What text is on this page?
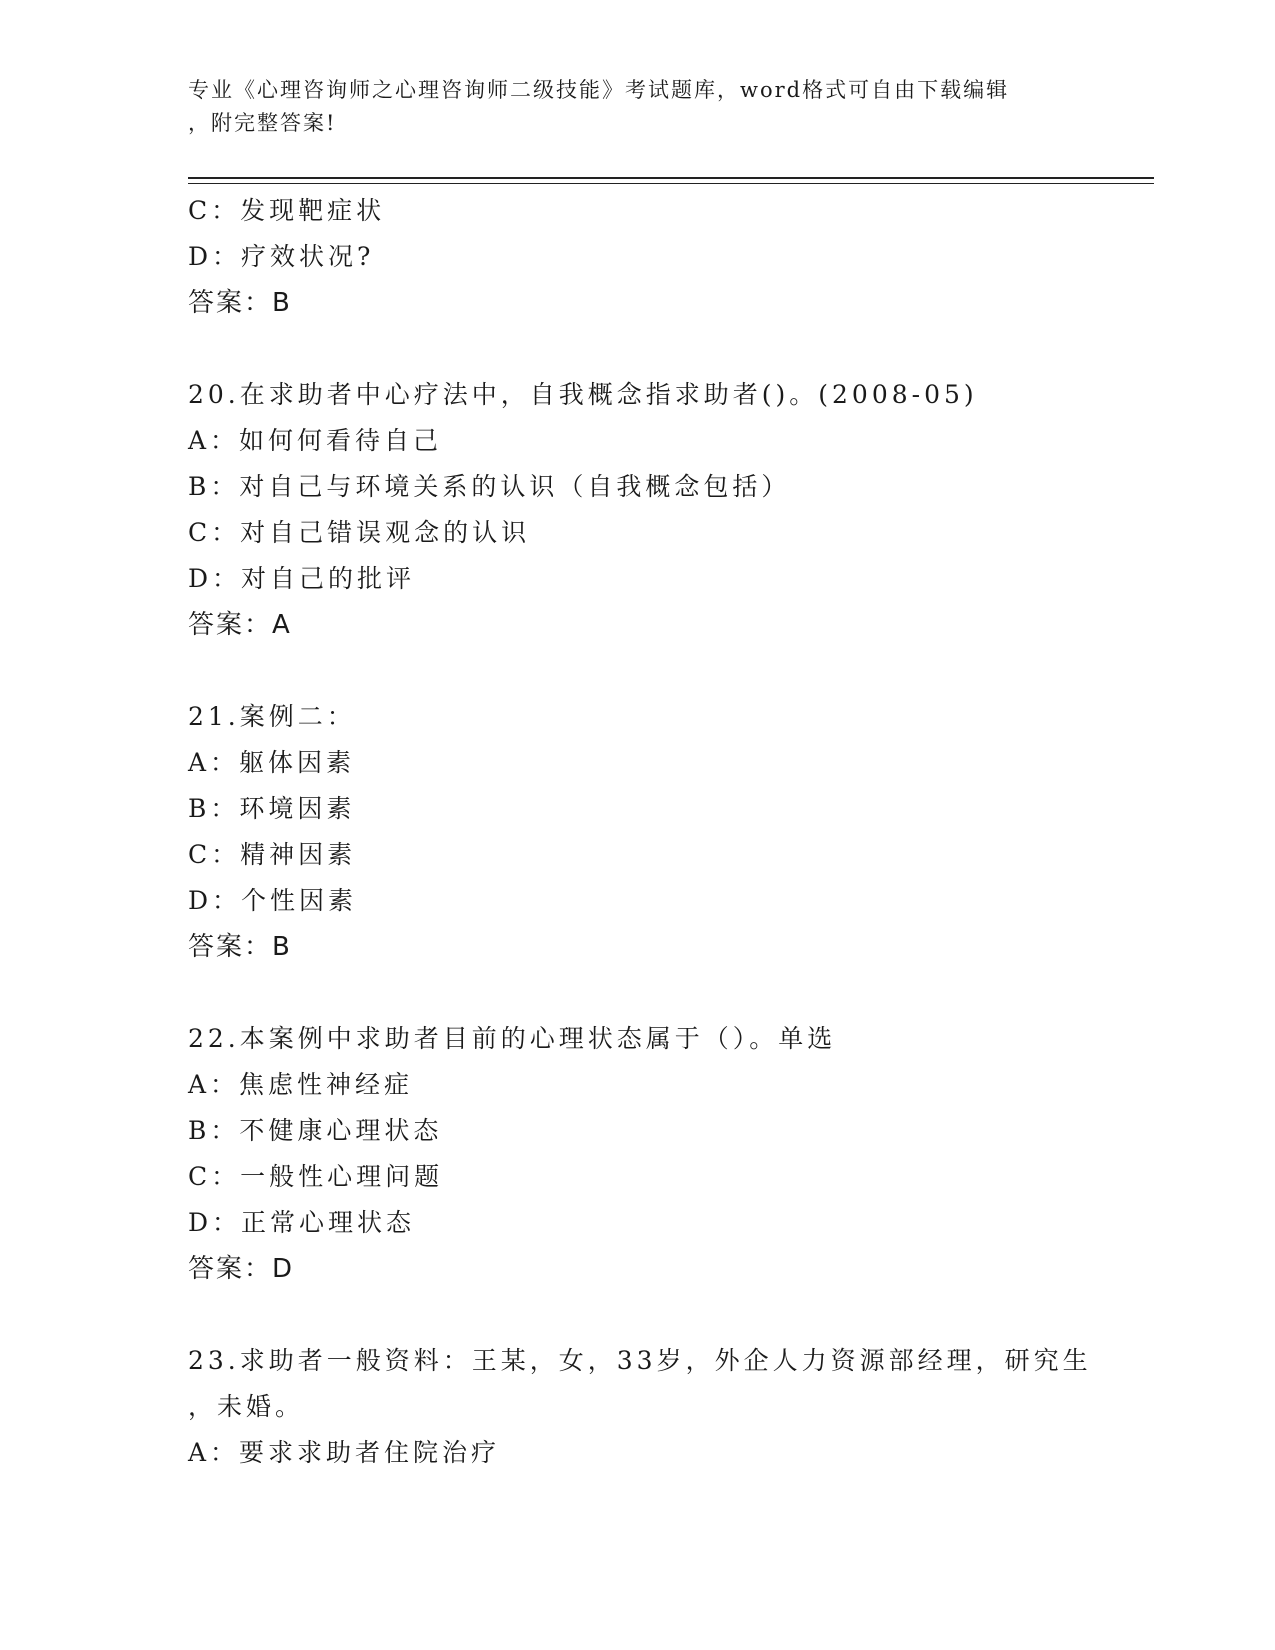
专业《心理咨询师之心理咨询师二级技能》考试题库，word格式可自由下载编辑
，附完整答案!
C：发现靶症状
D：疗效状况?
答案：B
20.在求助者中心疗法中，自我概念指求助者()。(2008-05)
A：如何何看待自己
B：对自己与环境关系的认识（自我概念包括）
C：对自己错误观念的认识
D：对自己的批评
答案：A
21.案例二：
A：躯体因素
B：环境因素
C：精神因素
D：个性因素
答案：B
22.本案例中求助者目前的心理状态属于（）。单选
A：焦虑性神经症
B：不健康心理状态
C：一般性心理问题
D：正常心理状态
答案：D
23.求助者一般资料：王某，女，33岁，外企人力资源部经理，研究生
，未婚。
A：要求求助者住院治疗
